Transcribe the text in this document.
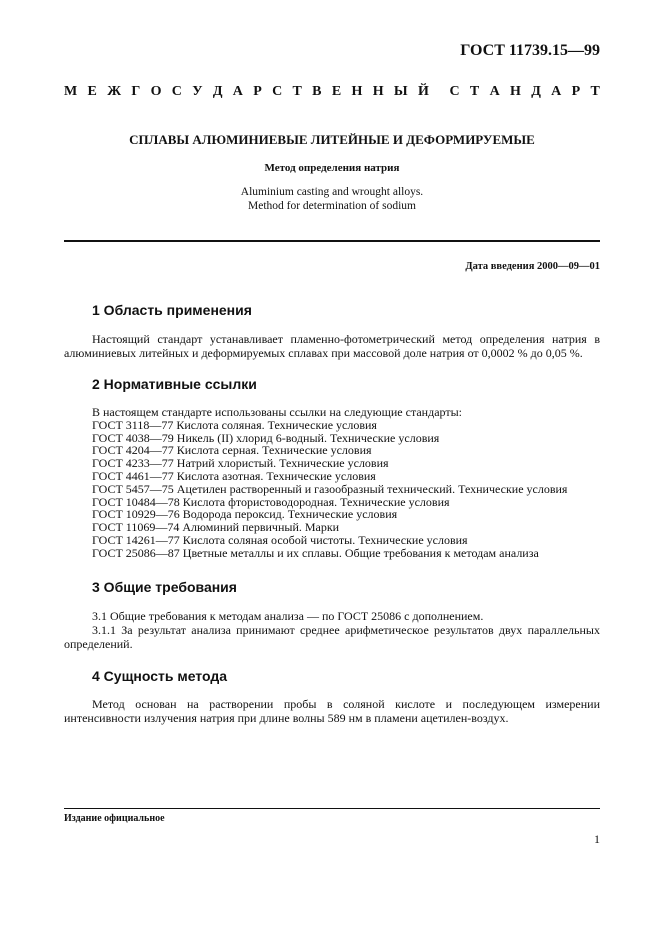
ГОСТ 11739.15—99
М Е Ж Г О С У Д А Р С Т В Е Н Н Ы Й С Т А Н Д А Р Т
СПЛАВЫ АЛЮМИНИЕВЫЕ ЛИТЕЙНЫЕ И ДЕФОРМИРУЕМЫЕ
Метод определения натрия
Aluminium casting and wrought alloys.
Method for determination of sodium
Дата введения 2000—09—01
1 Область применения
Настоящий стандарт устанавливает пламенно-фотометрический метод определения натрия в алюминиевых литейных и деформируемых сплавах при массовой доле натрия от 0,0002 % до 0,05 %.
2 Нормативные ссылки
В настоящем стандарте использованы ссылки на следующие стандарты:
ГОСТ 3118—77 Кислота соляная. Технические условия
ГОСТ 4038—79 Никель (II) хлорид 6-водный. Технические условия
ГОСТ 4204—77 Кислота серная. Технические условия
ГОСТ 4233—77 Натрий хлористый. Технические условия
ГОСТ 4461—77 Кислота азотная. Технические условия
ГОСТ 5457—75 Ацетилен растворенный и газообразный технический. Технические условия
ГОСТ 10484—78 Кислота фтористоводородная. Технические условия
ГОСТ 10929—76 Водорода пероксид. Технические условия
ГОСТ 11069—74 Алюминий первичный. Марки
ГОСТ 14261—77 Кислота соляная особой чистоты. Технические условия
ГОСТ 25086—87 Цветные металлы и их сплавы. Общие требования к методам анализа
3 Общие требования
3.1 Общие требования к методам анализа — по ГОСТ 25086 с дополнением.
3.1.1 За результат анализа принимают среднее арифметическое результатов двух параллельных определений.
4 Сущность метода
Метод основан на растворении пробы в соляной кислоте и последующем измерении интенсивности излучения натрия при длине волны 589 нм в пламени ацетилен-воздух.
Издание официальное
1
